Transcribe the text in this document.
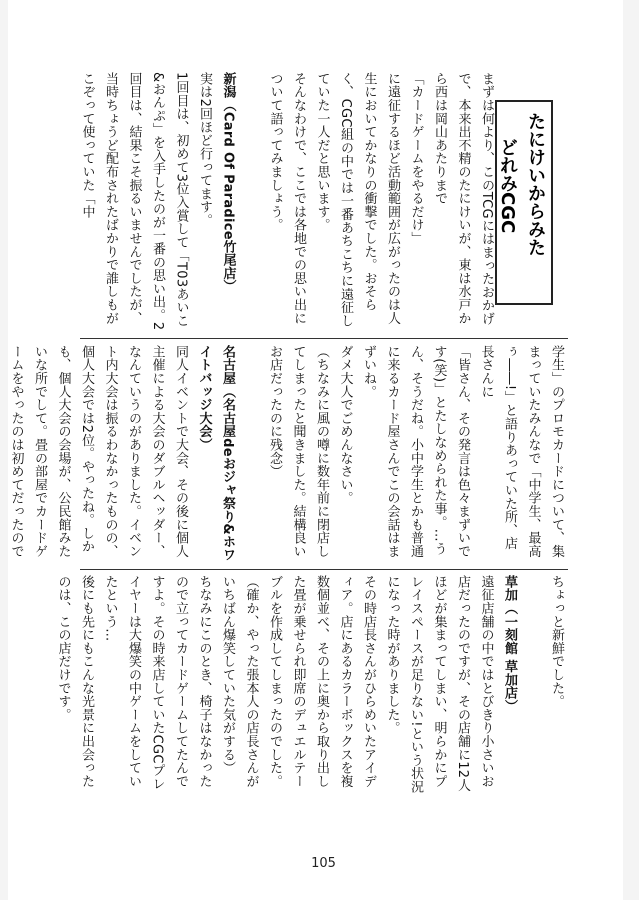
たにけいからみた
どれみCGC

まずは何より、このTCGにはまったおかげで、本来出不精のたにけいが、東は水戸から西は岡山あたりまで

「カードゲームをやるだけ」

に遠征するほど活動範囲が広がったのは人生においてかなりの衝撃でした。おそらく、CGC組の中では一番あちこちに遠征していた一人だと思います。

そんなわけで、ここでは各地での思い出について語ってみましょう。

新潟（Card Of Paradice竹尾店）

実は2回ほど行ってます。

1回目は、初めて3位入賞して「T03あいこ&おんぷ」を入手したのが一番の思い出。2回目は、結果こそ振るいませんでしたが、当時ちょうど配布されたばかりで誰しもがこぞって使っていた「中

学生」のプロモカードについて、集まっていたみんなで「中学生、最高ぅ――!」と語りあっていた所、店長さんに

「皆さん、その発言は色々まずいです(笑)」とたしなめられた事。…うん、そうだね。小中学生とかも普通に来るカード屋さんでこの会話はまずいね。

ダメ大人でごめんなさい。

（ちなみに風の噂に数年前に閉店してしまったと聞きました。結構良いお店だったのに残念）

名古屋（名古屋deおジャ祭り&ホワイトバッジ大会）

同人イベントで大会、その後に個人主催による大会のダブルヘッダー、なんていうのがありました。イベント内大会は振るわなかったものの、個人大会では2位。やったね。しかも、個人大会の会場が、公民館みたいな所でして。畳の部屋でカードゲームをやったのは初めてだったので

ちょっと新鮮でした。

草加（一刻館 草加店）

遠征店舗の中ではとびきり小さいお店だったのですが、その店舗に12人ほどが集まってしまい、明らかにプレイスペースが足りない!という状況になった時がありました。

その時店長さんがひらめいたアイディア。店にあるカラーボックスを複数個並べ、その上に奥から取り出した畳が乗せられ即席のデュエルテーブルを作成してしまったのでした。

（確か、やった張本人の店長さんがいちばん爆笑していた気がする）

ちなみにこのとき、椅子はなかったので立ってカードゲームしてたんですよ。その時来店していたCGCプレイヤーは大爆笑の中ゲームをしていたという…

後にも先にもこんな光景に出会ったのは、この店だけです。

105
